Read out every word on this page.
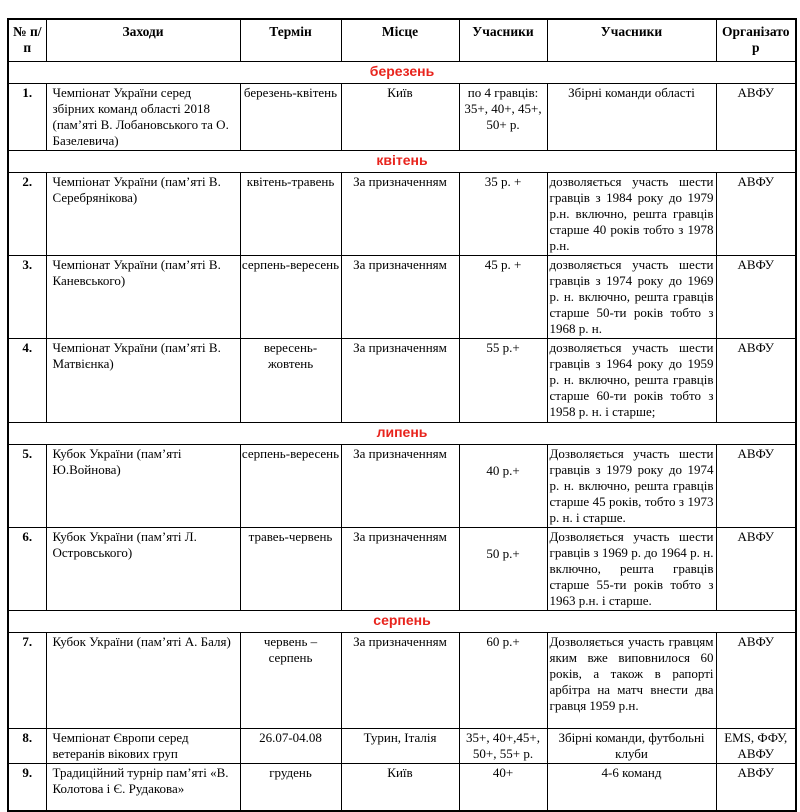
№ п/п	Заходи	Термін	Місце	Учасники	Учасники	Організатор
березень						
1.	Чемпіонат України серед збірних команд області 2018 (пам’яті В. Лобановського та О. Базелевича)	березень-квітень	Київ	по 4 гравців: 35+, 40+, 45+, 50+ р.	Збірні команди області	АВФУ
квітень						
2.	Чемпіонат України (пам’яті В. Серебрянікова)	квітень-травень	За призначенням	35 р. +	дозволяється участь шести гравців з 1984 року до 1979 р.н. включно, решта гравців старше 40 років тобто з 1978 р.н.	АВФУ
3.	Чемпіонат України (пам’яті В. Каневського)	серпень-вересень	За призначенням	45 р. +	дозволяється участь шести гравців з 1974 року до 1969 р. н. включно, решта гравців старше 50-ти років тобто з 1968 р. н.	АВФУ
4.	Чемпіонат України (пам’яті В. Матвієнка)	вересень-жовтень	За призначенням	55 р.+	дозволяється участь шести гравців з 1964 року до 1959 р. н. включно, решта гравців старше 60-ти років тобто з 1958 р. н. і старше;	АВФУ
липень						
5.	Кубок України (пам’яті Ю.Войнова)	серпень-вересень	За призначенням	40 р.+	Дозволяється участь шести гравців з 1979 року до 1974 р. н. включно, решта гравців старше 45 років, тобто з 1973 р. н. і старше.	АВФУ
6.	Кубок України (пам’яті Л. Островського)	травеь-червень	За призначенням	50 р.+	Дозволяється участь шести гравців з 1969 р. до 1964 р. н. включно, решта гравців старше 55-ти років тобто з 1963 р.н. і старше.	АВФУ
серпень						
7.	Кубок України (пам’яті А. Баля)	червень – серпень	За призначенням	60 р.+	Дозволяється участь гравцям яким вже виповнилося 60 років, а також в рапорті арбітра на матч внести два гравця 1959 р.н.	АВФУ
8.	Чемпіонат Європи серед ветеранів вікових груп	26.07-04.08	Турин, Італія	35+, 40+,45+, 50+, 55+ р.	Збірні команди, футбольні клуби	EMS, ФФУ, АВФУ
9.	Традиційний турнір пам’яті «В. Колотова і Є. Рудакова»	грудень	Київ	40+	4-6 команд	АВФУ
